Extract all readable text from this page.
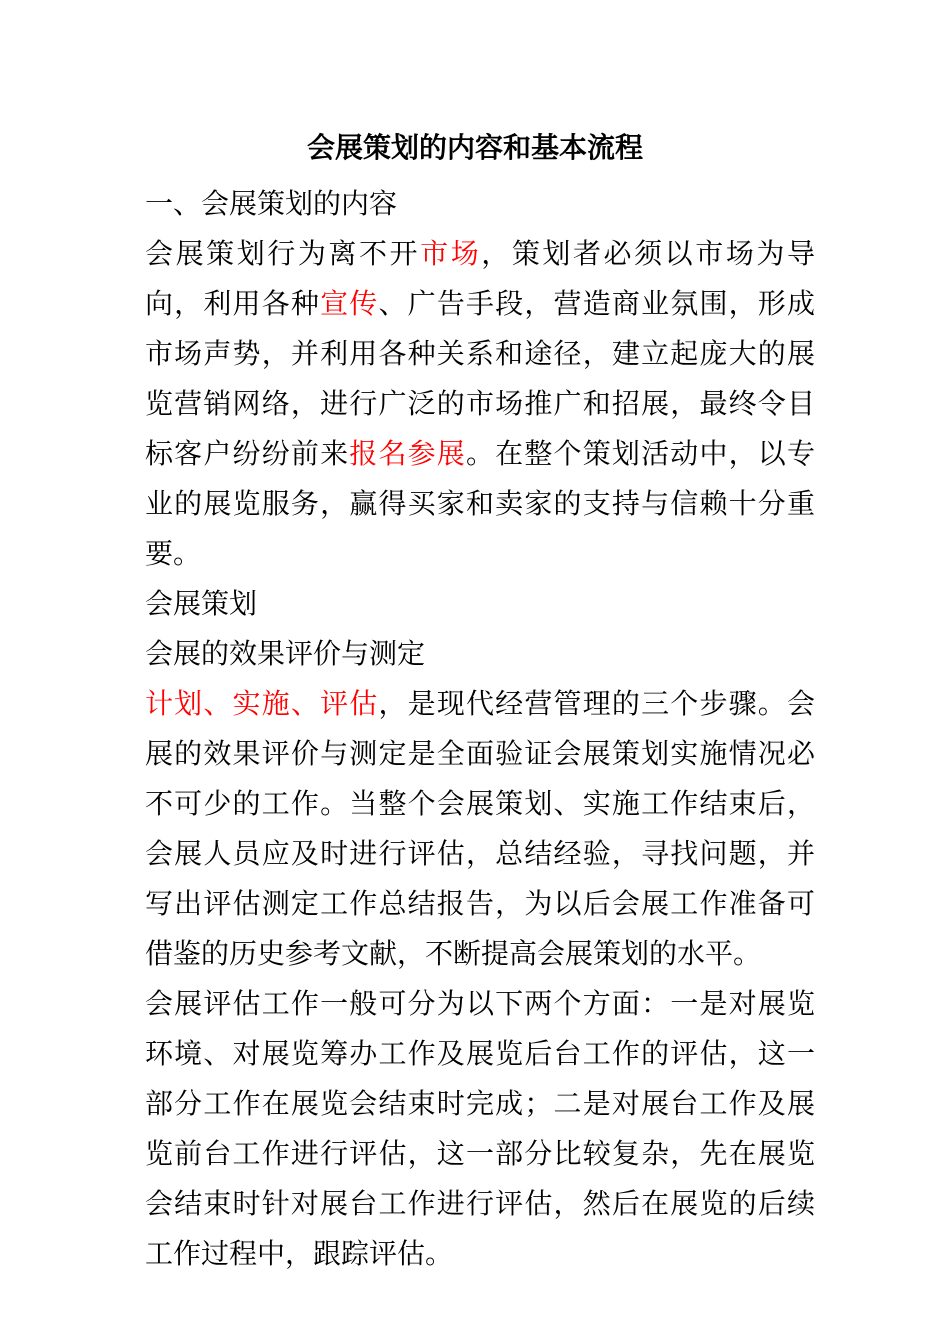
会展策划的内容和基本流程

一、会展策划的内容

会展策划行为离不开市场，策划者必须以市场为导向，利用各种宣传、广告手段，营造商业氛围，形成市场声势，并利用各种关系和途径，建立起庞大的展览营销网络，进行广泛的市场推广和招展，最终令目标客户纷纷前来报名参展。在整个策划活动中，以专业的展览服务，赢得买家和卖家的支持与信赖十分重要。

会展策划

会展的效果评价与测定

计划、实施、评估，是现代经营管理的三个步骤。会展的效果评价与测定是全面验证会展策划实施情况必不可少的工作。当整个会展策划、实施工作结束后，会展人员应及时进行评估，总结经验，寻找问题，并写出评估测定工作总结报告，为以后会展工作准备可借鉴的历史参考文献，不断提高会展策划的水平。

会展评估工作一般可分为以下两个方面：一是对展览环境、对展览筹办工作及展览后台工作的评估，这一部分工作在展览会结束时完成；二是对展台工作及展览前台工作进行评估，这一部分比较复杂，先在展览会结束时针对展台工作进行评估，然后在展览的后续工作过程中，跟踪评估。
